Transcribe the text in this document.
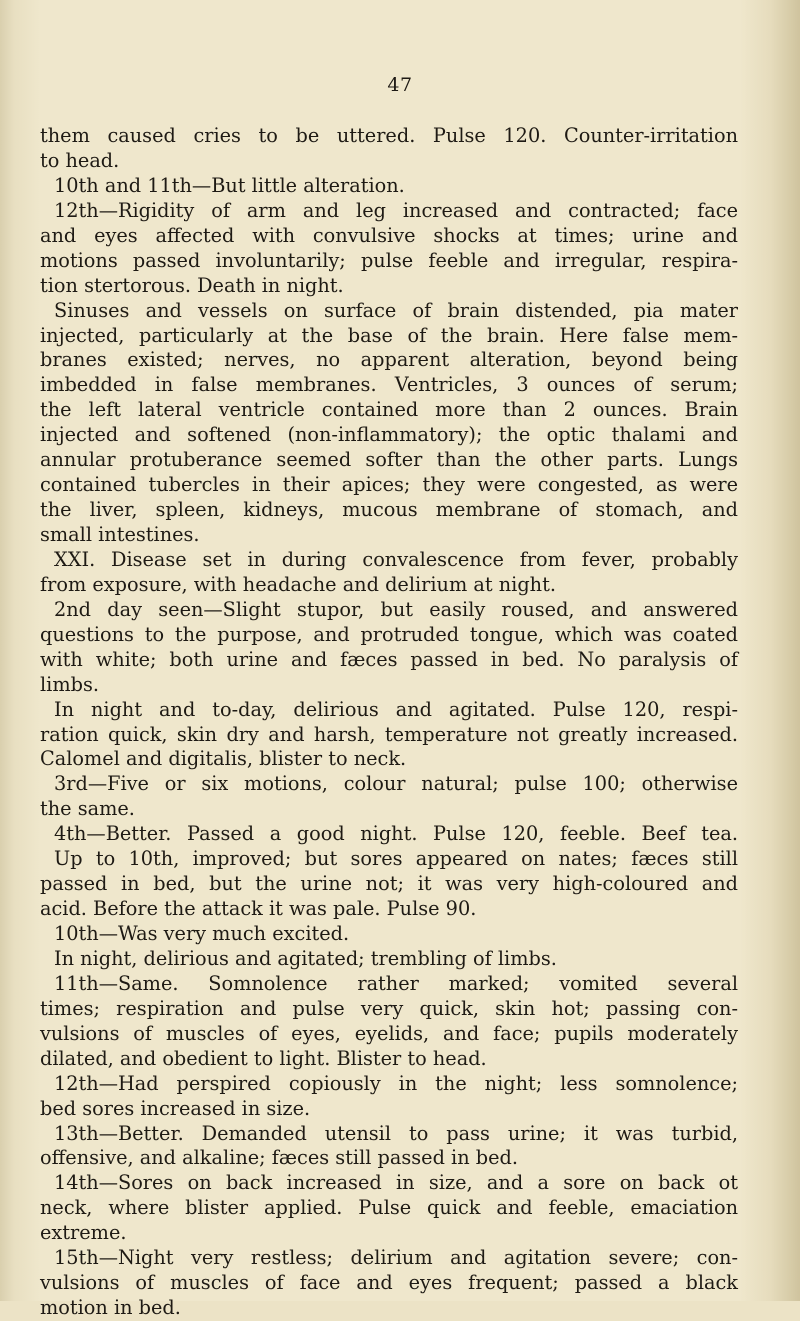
47
them caused cries to be uttered. Pulse 120. Counter-irritation
to head.
10th and 11th—But little alteration.
12th—Rigidity of arm and leg increased and contracted; face
and eyes affected with convulsive shocks at times; urine and
motions passed involuntarily; pulse feeble and irregular, respira-
tion stertorous. Death in night.
Sinuses and vessels on surface of brain distended, pia mater
injected, particularly at the base of the brain. Here false mem-
branes existed; nerves, no apparent alteration, beyond being
imbedded in false membranes. Ventricles, 3 ounces of serum;
the left lateral ventricle contained more than 2 ounces. Brain
injected and softened (non-inflammatory); the optic thalami and
annular protuberance seemed softer than the other parts. Lungs
contained tubercles in their apices; they were congested, as were
the liver, spleen, kidneys, mucous membrane of stomach, and
small intestines.
XXI. Disease set in during convalescence from fever, probably
from exposure, with headache and delirium at night.
2nd day seen—Slight stupor, but easily roused, and answered
questions to the purpose, and protruded tongue, which was coated
with white; both urine and fæces passed in bed. No paralysis of
limbs.
In night and to-day, delirious and agitated. Pulse 120, respi-
ration quick, skin dry and harsh, temperature not greatly increased.
Calomel and digitalis, blister to neck.
3rd—Five or six motions, colour natural; pulse 100; otherwise
the same.
4th—Better. Passed a good night. Pulse 120, feeble. Beef tea.
Up to 10th, improved; but sores appeared on nates; fæces still
passed in bed, but the urine not; it was very high-coloured and
acid. Before the attack it was pale. Pulse 90.
10th—Was very much excited.
In night, delirious and agitated; trembling of limbs.
11th—Same. Somnolence rather marked; vomited several
times; respiration and pulse very quick, skin hot; passing con-
vulsions of muscles of eyes, eyelids, and face; pupils moderately
dilated, and obedient to light. Blister to head.
12th—Had perspired copiously in the night; less somnolence;
bed sores increased in size.
13th—Better. Demanded utensil to pass urine; it was turbid,
offensive, and alkaline; fæces still passed in bed.
14th—Sores on back increased in size, and a sore on back ot
neck, where blister applied. Pulse quick and feeble, emaciation
extreme.
15th—Night very restless; delirium and agitation severe; con-
vulsions of muscles of face and eyes frequent; passed a black
motion in bed.
